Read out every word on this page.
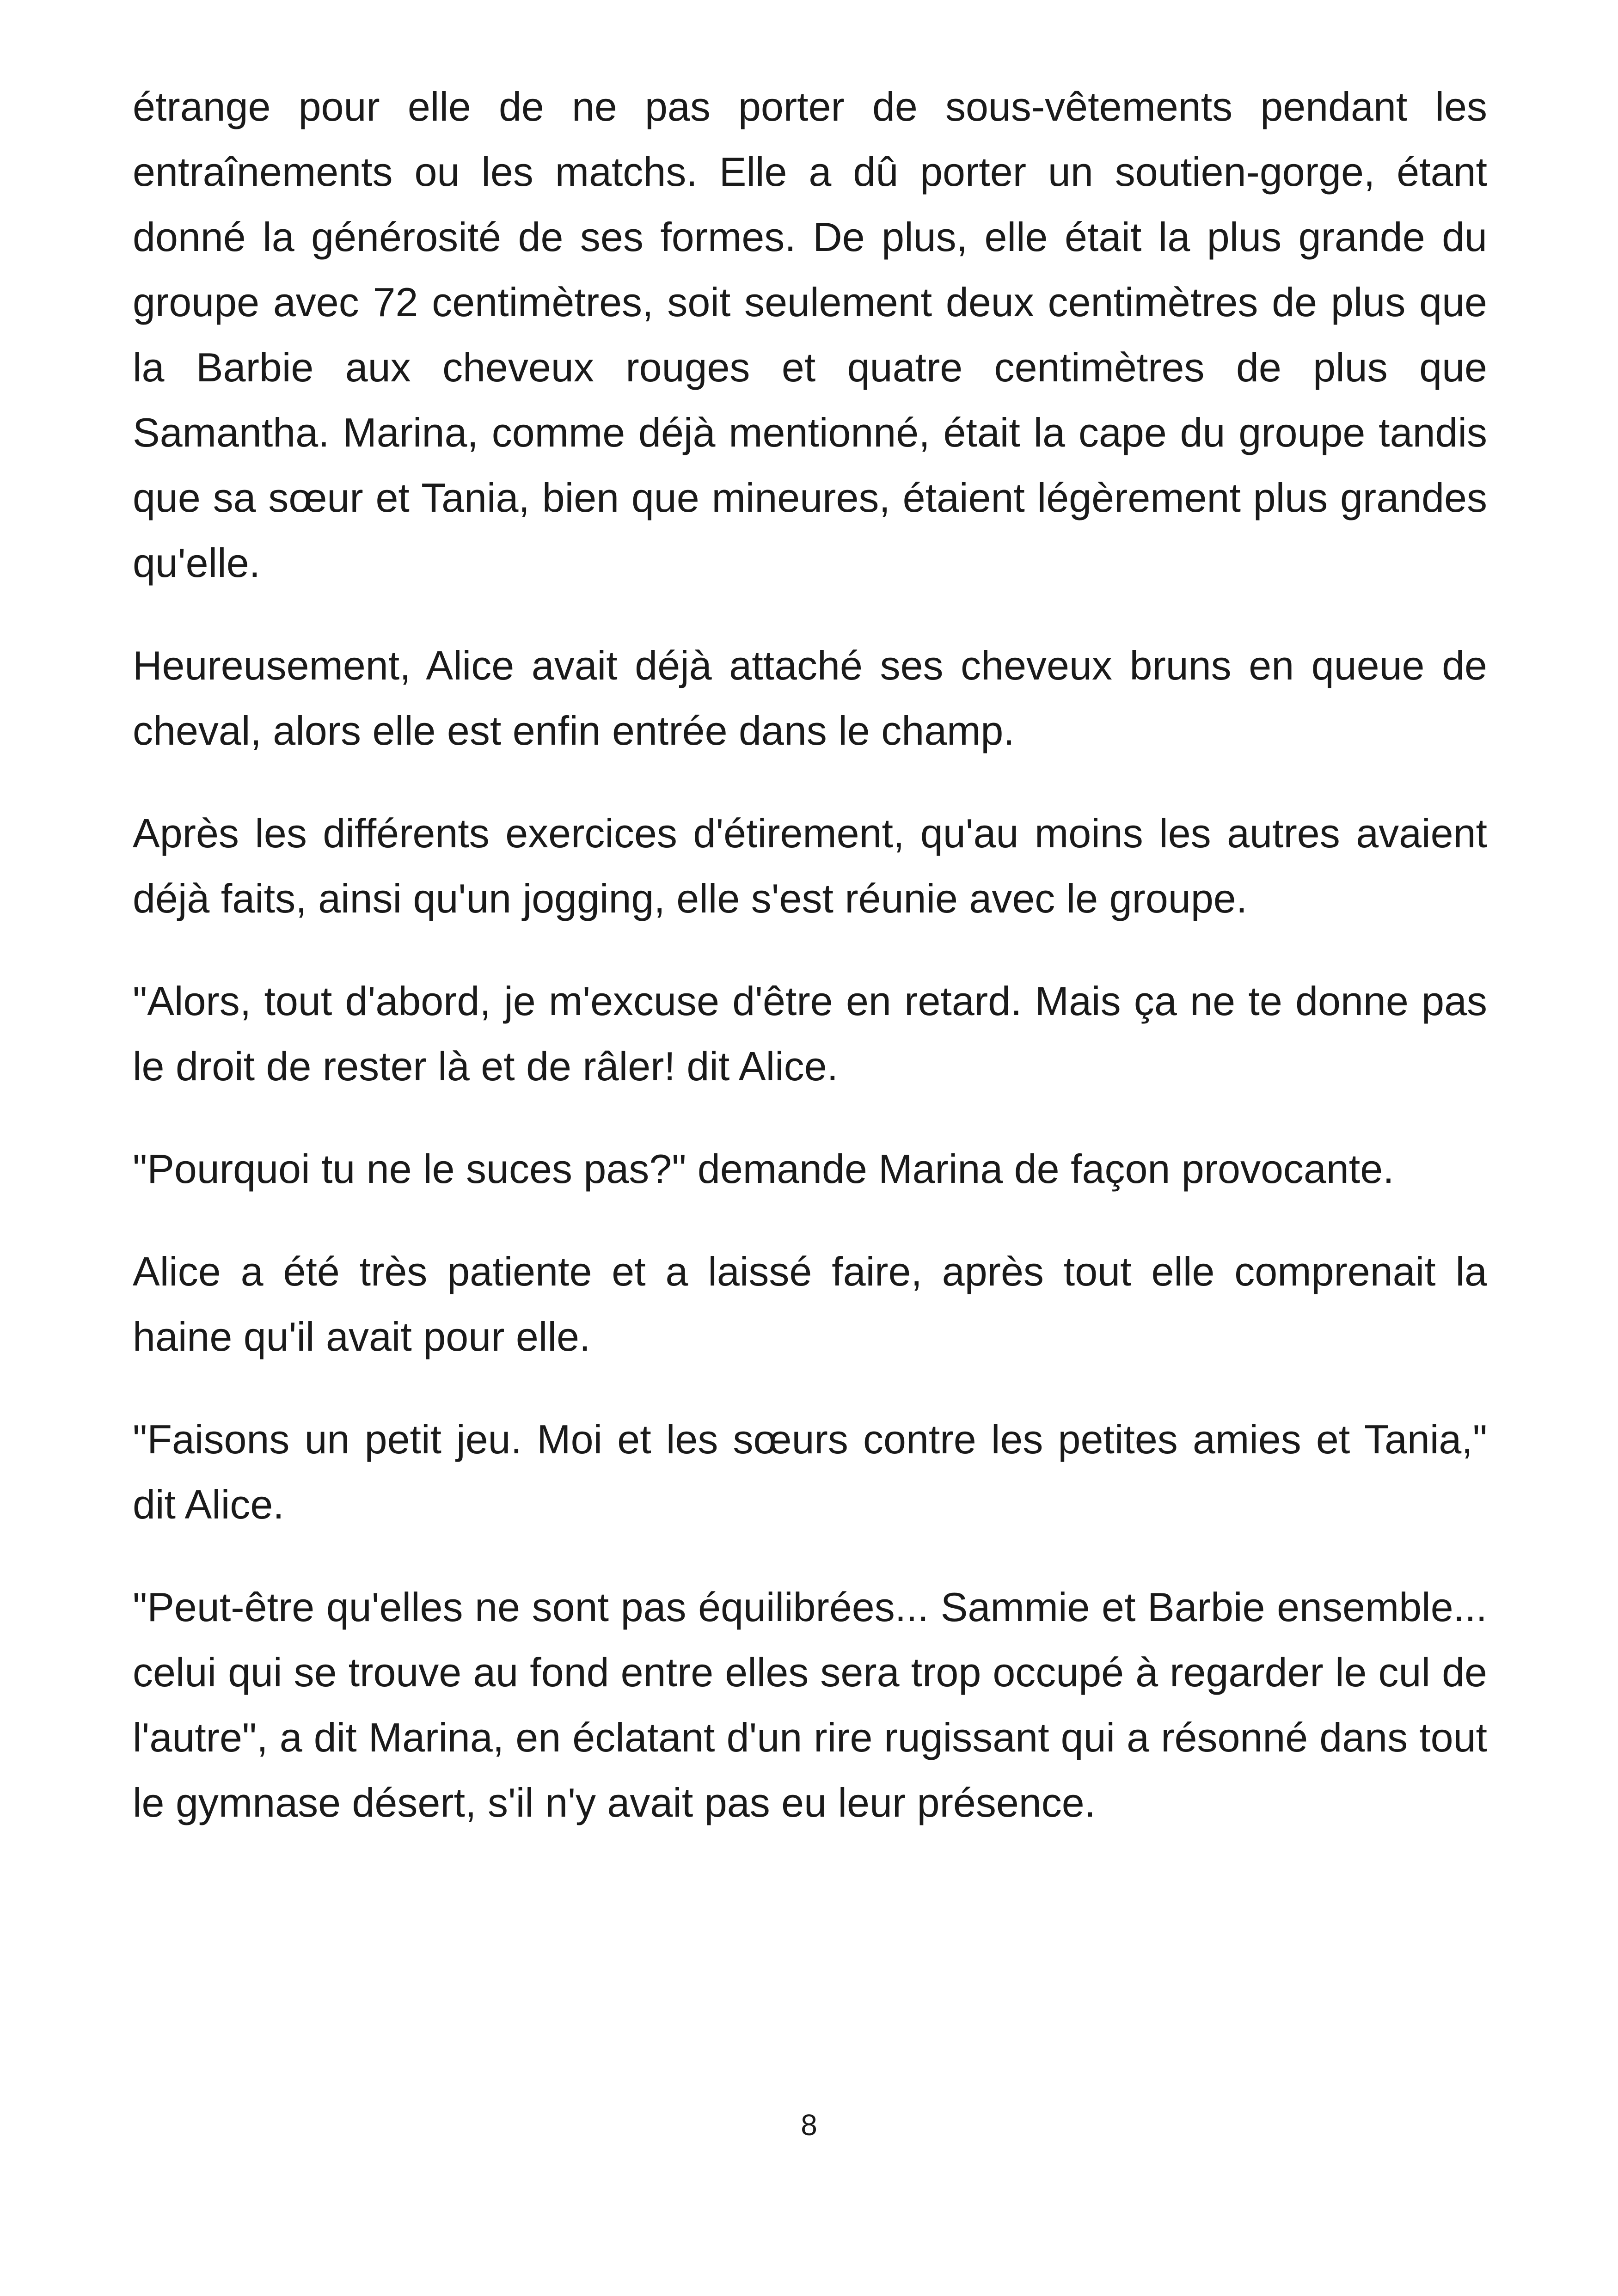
étrange pour elle de ne pas porter de sous-vêtements pendant les entraînements ou les matchs. Elle a dû porter un soutien-gorge, étant donné la générosité de ses formes. De plus, elle était la plus grande du groupe avec 72 centimètres, soit seulement deux centimètres de plus que la Barbie aux cheveux rouges et quatre centimètres de plus que Samantha. Marina, comme déjà mentionné, était la cape du groupe tandis que sa sœur et Tania, bien que mineures, étaient légèrement plus grandes qu'elle.

Heureusement, Alice avait déjà attaché ses cheveux bruns en queue de cheval, alors elle est enfin entrée dans le champ.

Après les différents exercices d'étirement, qu'au moins les autres avaient déjà faits, ainsi qu'un jogging, elle s'est réunie avec le groupe.

"Alors, tout d'abord, je m'excuse d'être en retard. Mais ça ne te donne pas le droit de rester là et de râler! dit Alice.

"Pourquoi tu ne le suces pas?" demande Marina de façon provocante.

Alice a été très patiente et a laissé faire, après tout elle comprenait la haine qu'il avait pour elle.

"Faisons un petit jeu. Moi et les sœurs contre les petites amies et Tania," dit Alice.

"Peut-être qu'elles ne sont pas équilibrées... Sammie et Barbie ensemble... celui qui se trouve au fond entre elles sera trop occupé à regarder le cul de l'autre", a dit Marina, en éclatant d'un rire rugissant qui a résonné dans tout le gymnase désert, s'il n'y avait pas eu leur présence.

8
